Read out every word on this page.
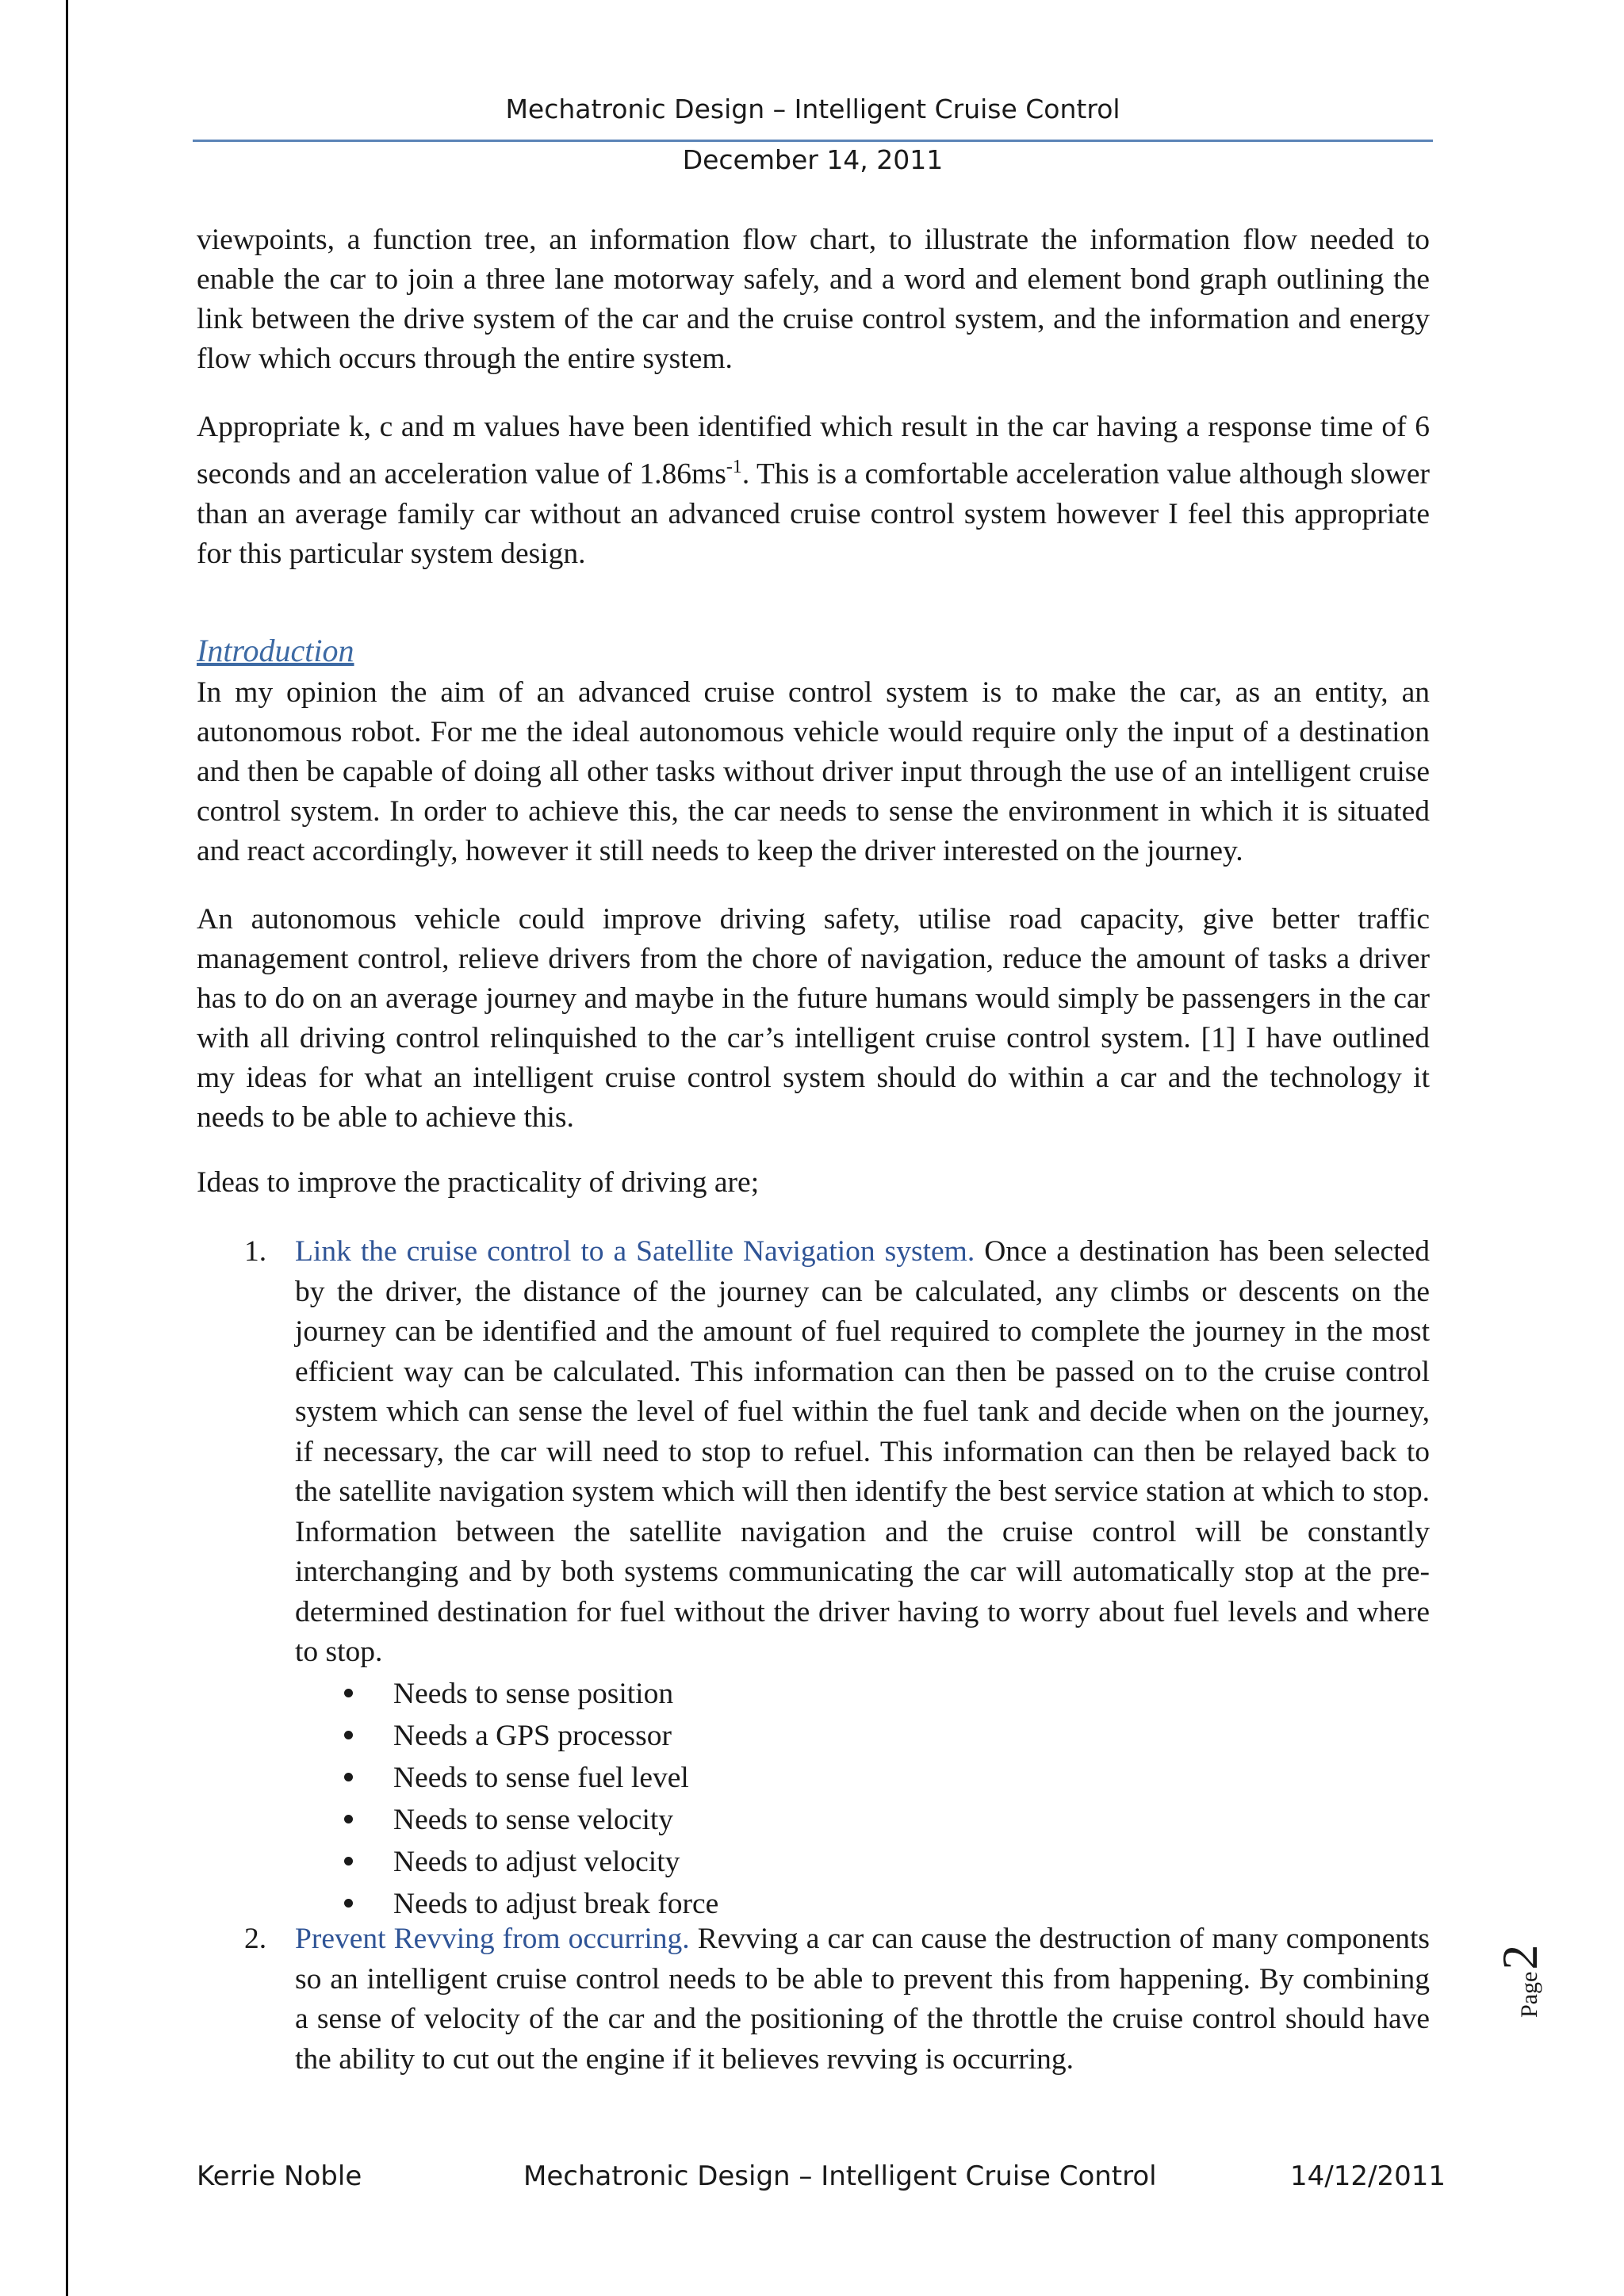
Mechatronic Design – Intelligent Cruise Control
December 14, 2011

viewpoints, a function tree, an information flow chart, to illustrate the information flow needed to enable the car to join a three lane motorway safely, and a word and element bond graph outlining the link between the drive system of the car and the cruise control system, and the information and energy flow which occurs through the entire system.

Appropriate k, c and m values have been identified which result in the car having a response time of 6 seconds and an acceleration value of $1.86ms^{-1}$. This is a comfortable acceleration value although slower than an average family car without an advanced cruise control system however I feel this appropriate for this particular system design.

Introduction

In my opinion the aim of an advanced cruise control system is to make the car, as an entity, an autonomous robot. For me the ideal autonomous vehicle would require only the input of a destination and then be capable of doing all other tasks without driver input through the use of an intelligent cruise control system. In order to achieve this, the car needs to sense the environment in which it is situated and react accordingly, however it still needs to keep the driver interested on the journey.

An autonomous vehicle could improve driving safety, utilise road capacity, give better traffic management control, relieve drivers from the chore of navigation, reduce the amount of tasks a driver has to do on an average journey and maybe in the future humans would simply be passengers in the car with all driving control relinquished to the car’s intelligent cruise control system. [1] I have outlined my ideas for what an intelligent cruise control system should do within a car and the technology it needs to be able to achieve this.

Ideas to improve the practicality of driving are;

1. Link the cruise control to a Satellite Navigation system. Once a destination has been selected by the driver, the distance of the journey can be calculated, any climbs or descents on the journey can be identified and the amount of fuel required to complete the journey in the most efficient way can be calculated. This information can then be passed on to the cruise control system which can sense the level of fuel within the fuel tank and decide when on the journey, if necessary, the car will need to stop to refuel. This information can then be relayed back to the satellite navigation system which will then identify the best service station at which to stop. Information between the satellite navigation and the cruise control will be constantly interchanging and by both systems communicating the car will automatically stop at the pre-determined destination for fuel without the driver having to worry about fuel levels and where to stop.
Needs to sense position
Needs a GPS processor
Needs to sense fuel level
Needs to sense velocity
Needs to adjust velocity
Needs to adjust break force
2. Prevent Revving from occurring. Revving a car can cause the destruction of many components so an intelligent cruise control needs to be able to prevent this from happening. By combining a sense of velocity of the car and the positioning of the throttle the cruise control should have the ability to cut out the engine if it believes revving is occurring.
Page
2
Kerrie Noble	Mechatronic Design – Intelligent Cruise Control	14/12/2011
